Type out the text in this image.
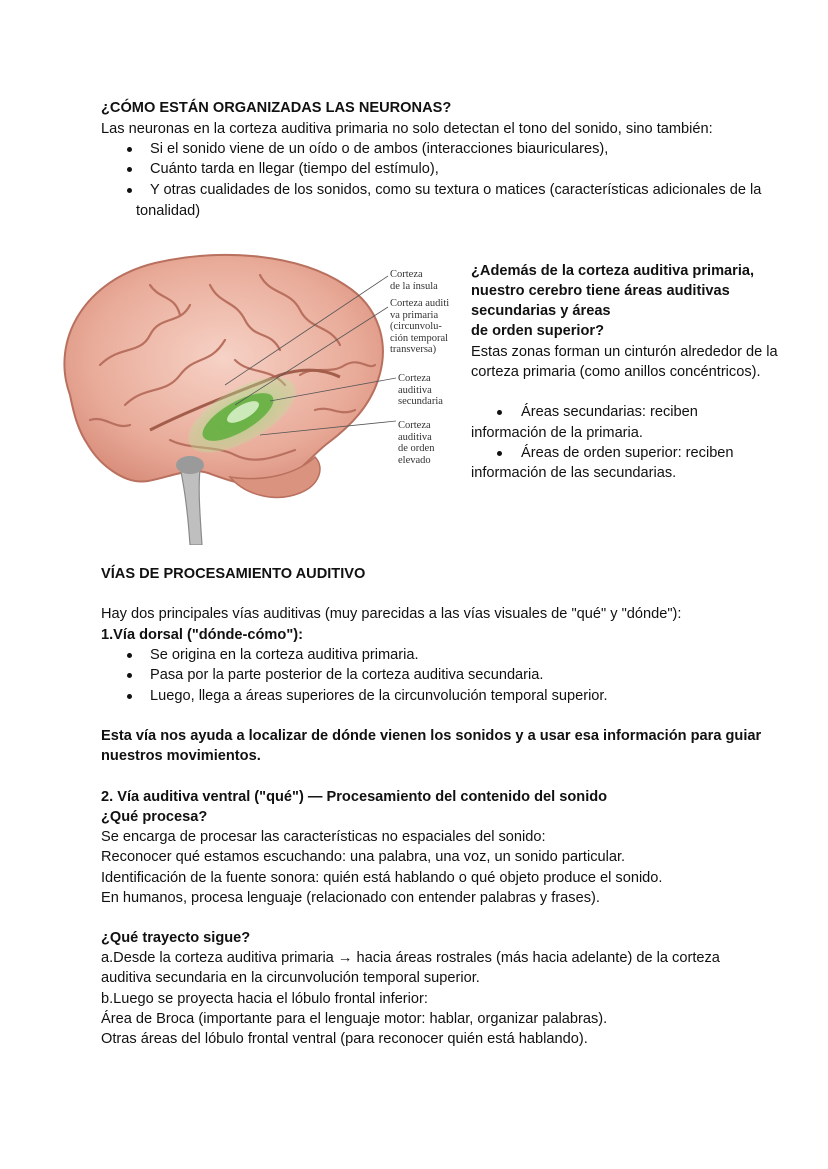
¿CÓMO ESTÁN ORGANIZADAS LAS NEURONAS?
Las neuronas en la corteza auditiva primaria no solo detectan el tono del sonido, sino también:
Si el sonido viene de un oído o de ambos (interacciones biauriculares),
Cuánto tarda en llegar (tiempo del estímulo),
Y otras cualidades de los sonidos, como su textura o matices (características adicionales de la
tonalidad)
Corteza
de la ínsula
Corteza auditi
va primaria
(circunvolu-
ción temporal
transversa)
Corteza
auditiva
secundaria
Corteza
auditiva
de orden
elevado
¿Además de la corteza auditiva primaria,
nuestro cerebro tiene áreas auditivas
secundarias y áreas
de orden superior?
Estas zonas forman un cinturón alrededor de la
corteza primaria (como anillos concéntricos).
Áreas secundarias: reciben
información de la primaria.
Áreas de orden superior: reciben
información de las secundarias.
VÍAS DE PROCESAMIENTO AUDITIVO
Hay dos principales vías auditivas (muy parecidas a las vías visuales de "qué" y "dónde"):
1.Vía dorsal ("dónde-cómo"):
Se origina en la corteza auditiva primaria.
Pasa por la parte posterior de la corteza auditiva secundaria.
Luego, llega a áreas superiores de la circunvolución temporal superior.
Esta vía nos ayuda a localizar de dónde vienen los sonidos y a usar esa información para guiar
nuestros movimientos.
2. Vía auditiva ventral ("qué") — Procesamiento del contenido del sonido
¿Qué procesa?
Se encarga de procesar las características no espaciales del sonido:
Reconocer qué estamos escuchando: una palabra, una voz, un sonido particular.
Identificación de la fuente sonora: quién está hablando o qué objeto produce el sonido.
En humanos, procesa lenguaje (relacionado con entender palabras y frases).
¿Qué trayecto sigue?
a.Desde la corteza auditiva primaria → hacia áreas rostrales (más hacia adelante) de la corteza
auditiva secundaria en la circunvolución temporal superior.
b.Luego se proyecta hacia el lóbulo frontal inferior:
Área de Broca (importante para el lenguaje motor: hablar, organizar palabras).
Otras áreas del lóbulo frontal ventral (para reconocer quién está hablando).
